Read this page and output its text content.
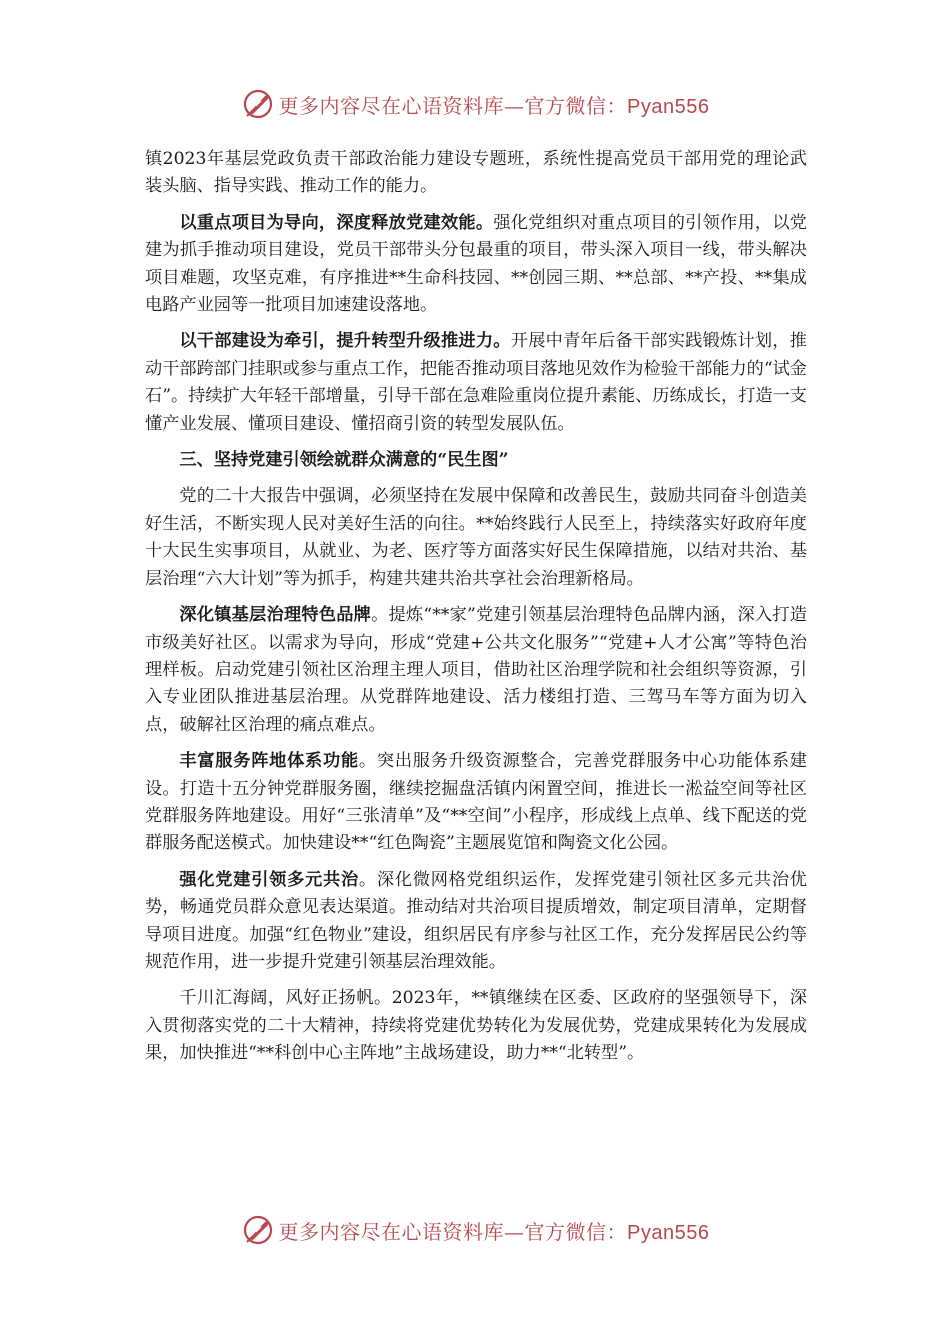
更多内容尽在心语资料库—官方微信：Pyan556

镇2023年基层党政负责干部政治能力建设专题班，系统性提高党员干部用党的理论武装头脑、指导实践、推动工作的能力。

以重点项目为导向，深度释放党建效能。强化党组织对重点项目的引领作用，以党建为抓手推动项目建设，党员干部带头分包最重的项目，带头深入项目一线，带头解决项目难题，攻坚克难，有序推进**生命科技园、**创园三期、**总部、**产投、**集成电路产业园等一批项目加速建设落地。

以干部建设为牵引，提升转型升级推进力。开展中青年后备干部实践锻炼计划，推动干部跨部门挂职或参与重点工作，把能否推动项目落地见效作为检验干部能力的“试金石”。持续扩大年轻干部增量，引导干部在急难险重岗位提升素能、历练成长，打造一支懂产业发展、懂项目建设、懂招商引资的转型发展队伍。

三、坚持党建引领绘就群众满意的“民生图”

党的二十大报告中强调，必须坚持在发展中保障和改善民生，鼓励共同奋斗创造美好生活，不断实现人民对美好生活的向往。**始终践行人民至上，持续落实好政府年度十大民生实事项目，从就业、为老、医疗等方面落实好民生保障措施，以结对共治、基层治理“六大计划”等为抓手，构建共建共治共享社会治理新格局。

深化镇基层治理特色品牌。提炼“**家”党建引领基层治理特色品牌内涵，深入打造市级美好社区。以需求为导向，形成“党建+公共文化服务”“党建+人才公寓”等特色治理样板。启动党建引领社区治理主理人项目，借助社区治理学院和社会组织等资源，引入专业团队推进基层治理。从党群阵地建设、活力楼组打造、三驾马车等方面为切入点，破解社区治理的痛点难点。

丰富服务阵地体系功能。突出服务升级资源整合，完善党群服务中心功能体系建设。打造十五分钟党群服务圈，继续挖掘盘活镇内闲置空间，推进长一淞益空间等社区党群服务阵地建设。用好“三张清单”及“**空间”小程序，形成线上点单、线下配送的党群服务配送模式。加快建设**“红色陶瓷”主题展览馆和陶瓷文化公园。

强化党建引领多元共治。深化微网格党组织运作，发挥党建引领社区多元共治优势，畅通党员群众意见表达渠道。推动结对共治项目提质增效，制定项目清单，定期督导项目进度。加强“红色物业”建设，组织居民有序参与社区工作，充分发挥居民公约等规范作用，进一步提升党建引领基层治理效能。

千川汇海阔，风好正扬帆。2023年，**镇继续在区委、区政府的坚强领导下，深入贯彻落实党的二十大精神，持续将党建优势转化为发展优势，党建成果转化为发展成果，加快推进“**科创中心主阵地”主战场建设，助力**“北转型”。

更多内容尽在心语资料库—官方微信：Pyan556
